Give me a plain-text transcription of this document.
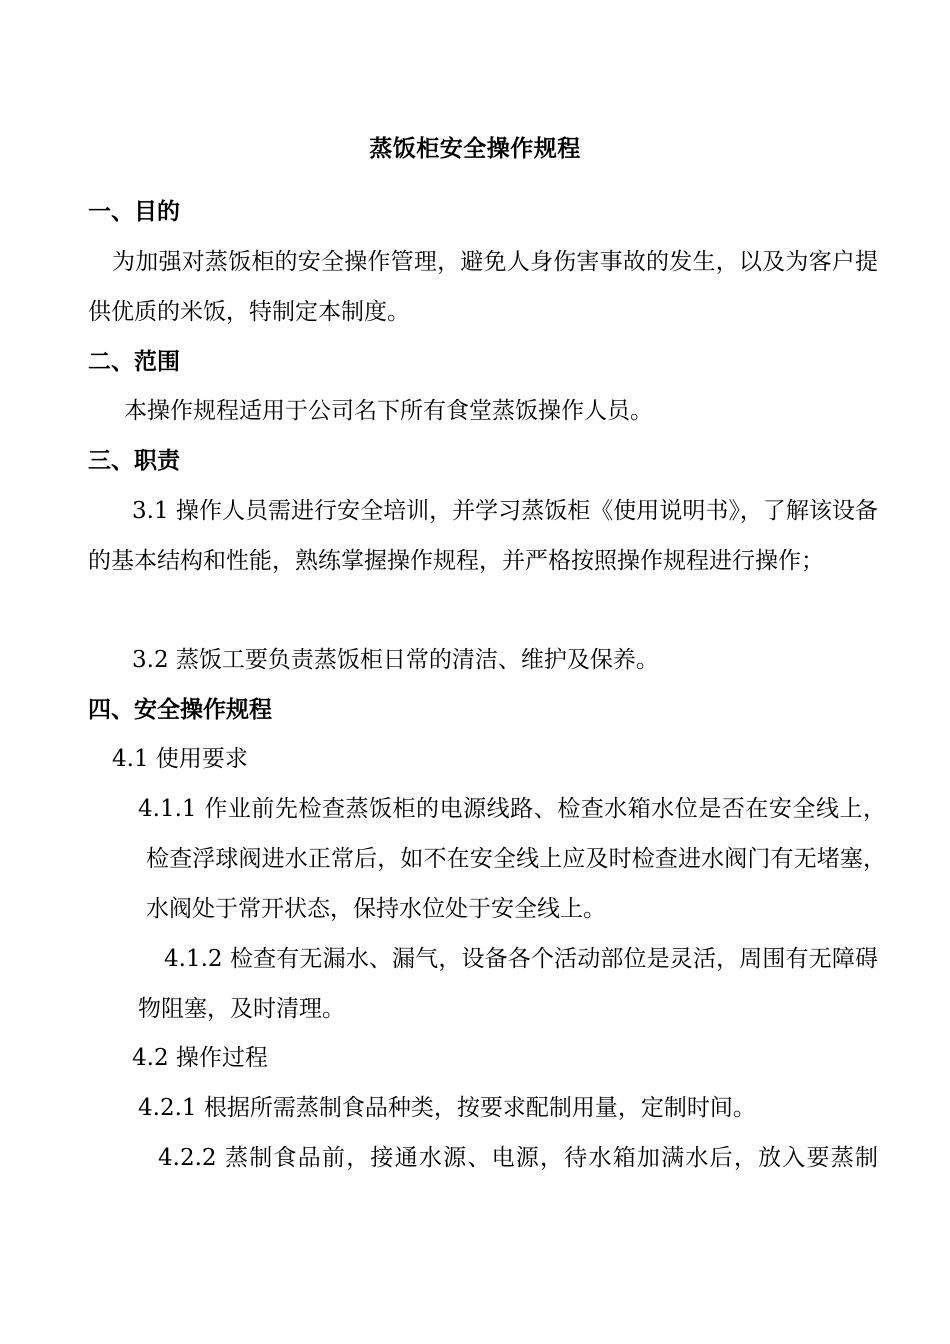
蒸饭柜安全操作规程
一、目的
为加强对蒸饭柜的安全操作管理，避免人身伤害事故的发生，以及为客户提供优质的米饭，特制定本制度。
二、范围
本操作规程适用于公司名下所有食堂蒸饭操作人员。
三、职责
3.1 操作人员需进行安全培训，并学习蒸饭柜《使用说明书》，了解该设备的基本结构和性能，熟练掌握操作规程，并严格按照操作规程进行操作；
3.2 蒸饭工要负责蒸饭柜日常的清洁、维护及保养。
四、安全操作规程
4.1 使用要求
4.1.1 作业前先检查蒸饭柜的电源线路、检查水箱水位是否在安全线上，检查浮球阀进水正常后，如不在安全线上应及时检查进水阀门有无堵塞，水阀处于常开状态，保持水位处于安全线上。
4.1.2 检查有无漏水、漏气，设备各个活动部位是灵活，周围有无障碍物阻塞，及时清理。
4.2 操作过程
4.2.1 根据所需蒸制食品种类，按要求配制用量，定制时间。
4.2.2 蒸制食品前，接通水源、电源，待水箱加满水后，放入要蒸制
